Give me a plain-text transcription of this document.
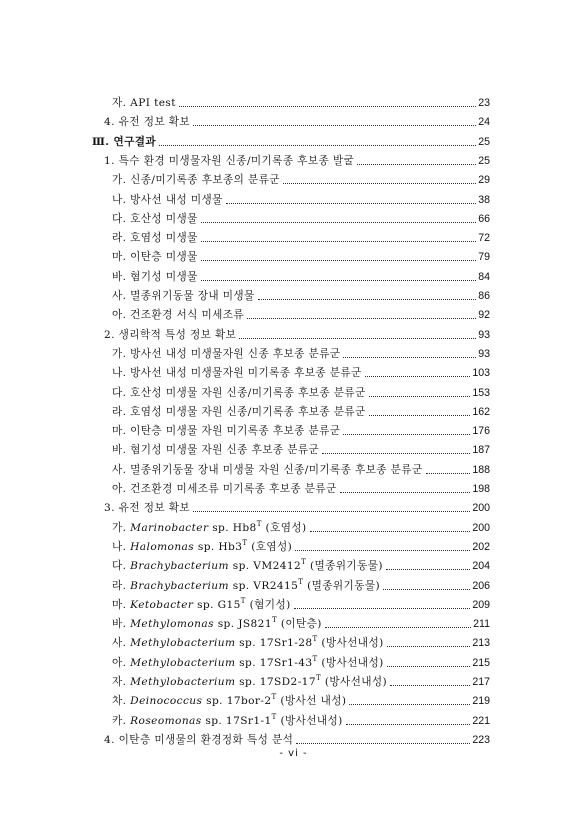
자. API test	23
4. 유전 정보 확보	24
Ⅲ. 연구결과	25
1. 특수 환경 미생물자원 신종/미기록종 후보종 발굴	25
가. 신종/미기록종 후보종의 분류군	29
나. 방사선 내성 미생물	38
다. 호산성 미생물	66
라. 호염성 미생물	72
마. 이탄층 미생물	79
바. 혐기성 미생물	84
사. 멸종위기동물 장내 미생물	86
아. 건조환경 서식 미세조류	92
2. 생리학적 특성 정보 확보	93
가. 방사선 내성 미생물자원 신종 후보종 분류군	93
나. 방사선 내성 미생물자원 미기록종 후보종 분류군	103
다. 호산성 미생물 자원 신종/미기록종 후보종 분류군	153
라. 호염성 미생물 자원 신종/미기록종 후보종 분류군	162
마. 이탄층 미생물 자원 미기록종 후보종 분류군	176
바. 혐기성 미생물 자원 신종 후보종 분류군	187
사. 멸종위기동물 장내 미생물 자원 신종/미기록종 후보종 분류군	188
아. 건조환경 미세조류 미기록종 후보종 분류군	198
3. 유전 정보 확보	200
가. Marinobacter sp. $Hb8^T$ (호염성)	200
나. Halomonas sp. $Hb3^T$ (호염성)	202
다. Brachybacterium sp. $VM2412^T$ (멸종위기동물)	204
라. Brachybacterium sp. $VR2415^T$ (멸종위기동물)	206
마. Ketobacter sp. $G15^T$ (혐기성)	209
바. Methylomonas sp. $JS821^T$ (이탄층)	211
사. Methylobacterium sp. $17Sr1-28^T$ (방사선내성)	213
아. Methylobacterium sp. $17Sr1-43^T$ (방사선내성)	215
자. Methylobacterium sp. $17SD2-17^T$ (방사선내성)	217
차. Deinococcus sp. $17bor-2^T$ (방사선 내성)	219
카. Roseomonas sp. $17Sr1-1^T$ (방사선내성)	221
4. 이탄층 미생물의 환경정화 특성 분석	223
- vi -
